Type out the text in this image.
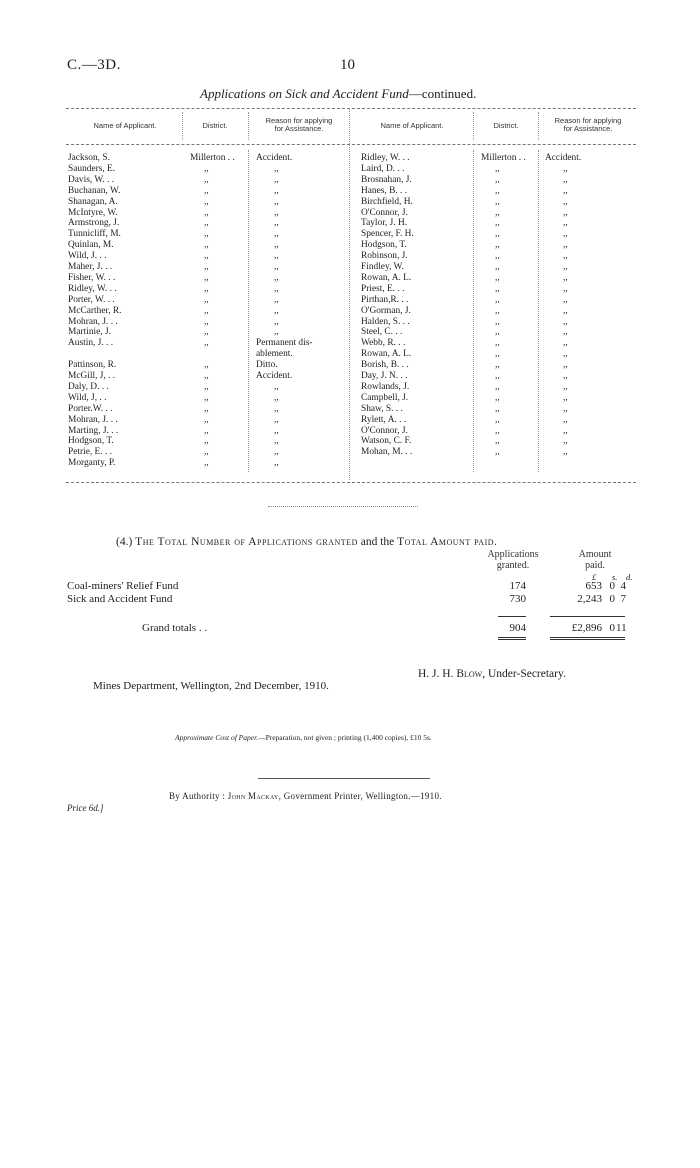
C.—3D.	10
Applications on Sick and Accident Fund—continued.
Name of Applicant.	District.
Reason for applying
for Assistance.	Name of Applicant.	District.
Reason for applying
for Assistance.
Jackson, S.	Millerton . . Accident.
Saunders, E.	,,	,,
Davis, W. . .	,,	,,
Buchanan, W.	,,	,,
Shanagan, A.	,,	,,
McIntyre, W.	,,	,,
Armstrong, J.	,,	,,
Tunnicliff, M.	,,	,,
Quinlan, M.	,,	,,
Wild, J. . .	,,	,,
Maher, J. . .	,,	,,
Fisher, W. . .	,,	,,
Ridley, W. . .	,,	,,
Porter, W. . .	,,	,,
McCarther, R.	,,	,,
Mohran, J. . .	,,	,,
Martinie, J.	,,	,,
Austin, J. . .	,,	Permanent dis-
ablement.
Pattinson, R.	,,	Ditto.
McGill, J, . .	,,	Accident.
Daly, D. . .	,,	,,
Wild, J, . .	,,	,,
Porter.W. . .	,,	,,
Mohran, J. . .	,,	,,
Marting, J. . .	,,	,,
Hodgson, T.	,,	,,
Petrie, E. . .	,,	,,
Morganty, P.	,,	,,
Ridley, W. . .	Millerton . . Accident.
Laird, D. . .	,,	,,
Brosnahan, J.	,,	,,
Hanes, B. . .	,,	,,
Birchfield, H.	,,	,,
O'Connor, J.	,,	,,
Taylor, J. H.	,,	,,
Spencer, F. H.	,,	,,
Hodgson, T.	,,	,,
Robinson, J.	,,	,,
Findley, W.	,,	,,
Rowan, A. L.	,,	,,
Priest, E. . .	,,	,,
Pirthan,R. . .	,,	,,
O'Gorman, J.	,,	,,
Halden, S. . .	,,	,,
Steel, C. . .	,,	,,
Webb, R. . .	,,	,,
Rowan, A. L.	,,	,,
Borish, B. . .	,,	,,
Day, J. N. . .	,,	,,
Rowlands, J.	,,	,,
Campbell, J.	,,	,,
Shaw, S. . .	,,	,,
Rylett, A. . .	,,	,,
O'Connor, J.	,,	,,
Watson, C. F.	,,	,,
Mohan, M. . .	,,	,,
(4.) The Total Number of Applications granted and the Total Amount paid.
Applications
granted.
Amount
paid.
£ s. d.
Coal-miners' Relief Fund	174	653 0 4
Sick and Accident Fund	730	2,243 0 7
Grand totals . .	904	£2,896 0 11
H. J. H. Blow, Under-Secretary.
Mines Department, Wellington, 2nd December, 1910.
Approximate Cost of Paper.—Preparation, not given ; printing (1,400 copies), £10 5s.
By Authority : John Mackay, Government Printer, Wellington.—1910.
Price 6d.]
